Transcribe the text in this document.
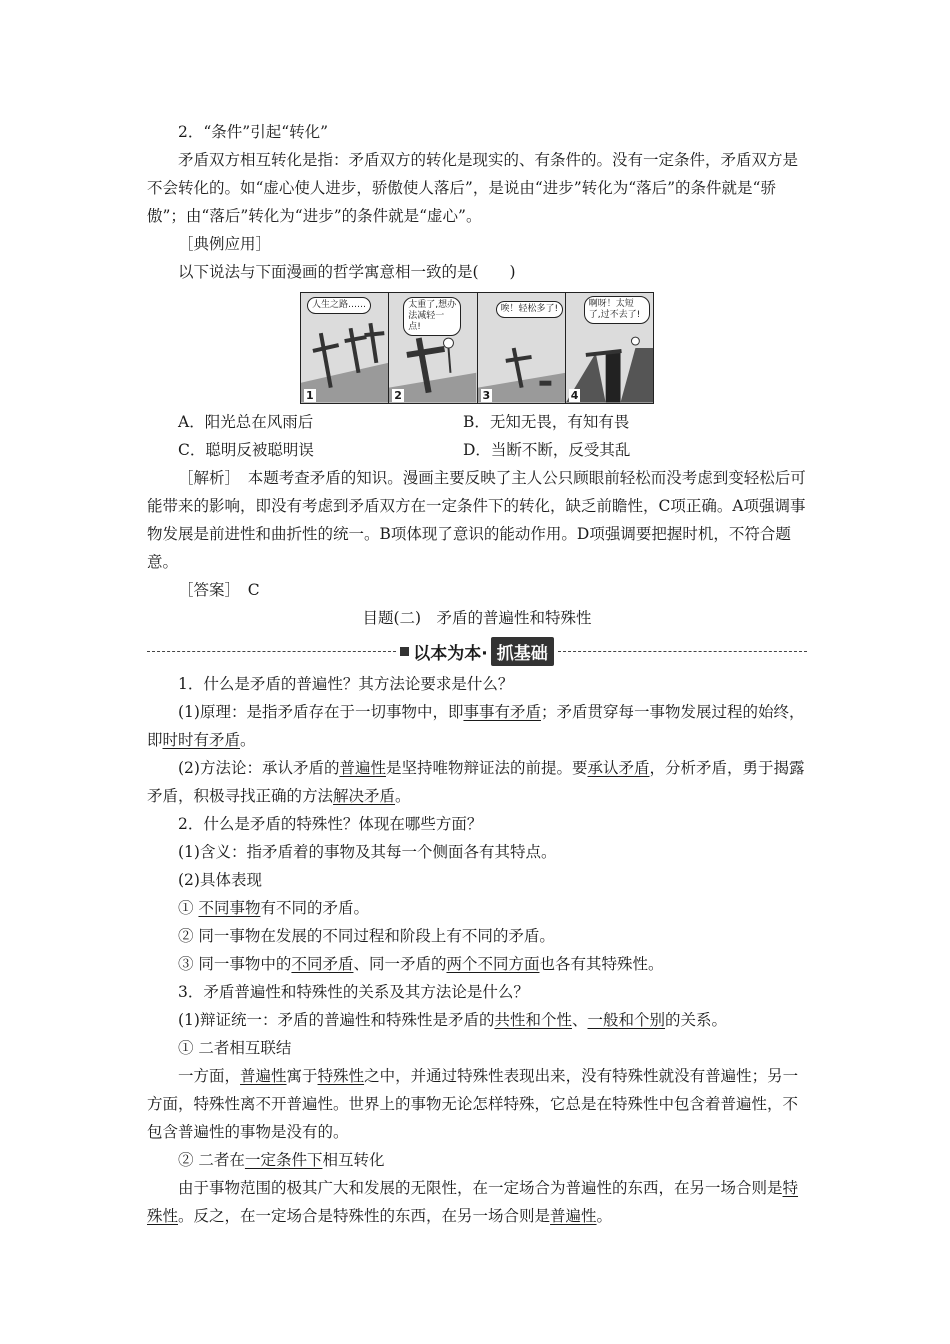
2．“条件”引起“转化”

矛盾双方相互转化是指：矛盾双方的转化是现实的、有条件的。没有一定条件，矛盾双方是不会转化的。如“虚心使人进步，骄傲使人落后”，是说由“进步”转化为“落后”的条件就是“骄傲”；由“落后”转化为“进步”的条件就是“虚心”。

［典例应用］

以下说法与下面漫画的哲学寓意相一致的是(　　)

人生之路……
1
太重了,想办法减轻一点!
2
唉！轻松多了!
3
啊呀！太短了,过不去了!
4
A．阳光总在风雨后	B．无知无畏，有知有畏
C．聪明反被聪明误	D．当断不断，反受其乱

［解析］　本题考查矛盾的知识。漫画主要反映了主人公只顾眼前轻松而没考虑到变轻松后可能带来的影响，即没有考虑到矛盾双方在一定条件下的转化，缺乏前瞻性，C项正确。A项强调事物发展是前进性和曲折性的统一。B项体现了意识的能动作用。D项强调要把握时机，不符合题意。

［答案］　C

目题(二)　矛盾的普遍性和特殊性

以本为本· 抓基础

1．什么是矛盾的普遍性？其方法论要求是什么？

(1)原理：是指矛盾存在于一切事物中，即事事有矛盾；矛盾贯穿每一事物发展过程的始终，即时时有矛盾。

(2)方法论：承认矛盾的普遍性是坚持唯物辩证法的前提。要承认矛盾，分析矛盾，勇于揭露矛盾，积极寻找正确的方法解决矛盾。

2．什么是矛盾的特殊性？体现在哪些方面？

(1)含义：指矛盾着的事物及其每一个侧面各有其特点。

(2)具体表现

① 不同事物有不同的矛盾。

② 同一事物在发展的不同过程和阶段上有不同的矛盾。

③ 同一事物中的不同矛盾、同一矛盾的两个不同方面也各有其特殊性。

3．矛盾普遍性和特殊性的关系及其方法论是什么？

(1)辩证统一：矛盾的普遍性和特殊性是矛盾的共性和个性、一般和个别的关系。

① 二者相互联结

一方面，普遍性寓于特殊性之中，并通过特殊性表现出来，没有特殊性就没有普遍性；另一方面，特殊性离不开普遍性。世界上的事物无论怎样特殊，它总是在特殊性中包含着普遍性，不包含普遍性的事物是没有的。

② 二者在一定条件下相互转化

由于事物范围的极其广大和发展的无限性，在一定场合为普遍性的东西，在另一场合则是特殊性。反之，在一定场合是特殊性的东西，在另一场合则是普遍性。
